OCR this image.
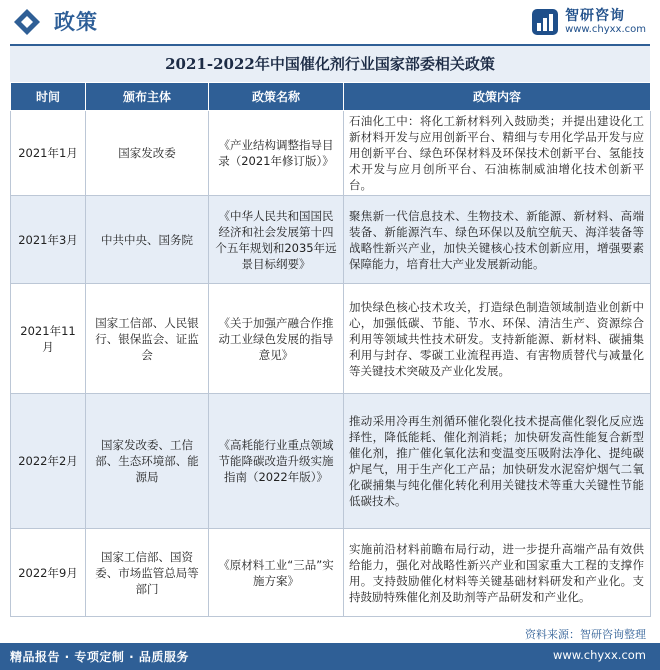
政策	智研咨询
www.chyxx.com
2021-2022年中国催化剂行业国家部委相关政策
时间	颁布主体	政策名称	政策内容
2021年1月	国家发改委	《产业结构调整指导目录（2021年修订版）》	石油化工中：将化工新材料列入鼓励类；并提出建设化工新材料开发与应用创新平台、精细与专用化学品开发与应用创新平台、绿色环保材料及环保技术创新平台、氢能技术开发与应月创所平台、石油栋制威油增化技术创新平台。
2021年3月	中共中央、国务院	《中华人民共和国国民经济和社会发展第十四个五年规划和2035年远景目标纲要》	聚焦新一代信息技术、生物技术、新能源、新材料、高端装备、新能源汽车、绿色环保以及航空航天、海洋装备等战略性新兴产业，加快关键核心技术创新应用，增强要素保障能力，培育壮大产业发展新动能。
2021年11月	国家工信部、人民银行、银保监会、证监会	《关于加强产融合作推动工业绿色发展的指导意见》	加快绿色核心技术攻关，打造绿色制造领域制造业创新中心，加强低碳、节能、节水、环保、清洁生产、资源综合利用等领域共性技术研发。支持新能源、新材料、碳捕集利用与封存、零碳工业流程再造、有害物质替代与减量化等关键技术突破及产业化发展。
2022年2月	国家发改委、工信部、生态环境部、能源局	《高耗能行业重点领域节能降碳改造升级实施指南（2022年版）》	推动采用冷再生剂循环催化裂化技术提高催化裂化反应选择性，降低能耗、催化剂消耗；加快研发高性能复合新型催化剂，推广催化氧化法和变温变压吸附法净化、提纯碳炉尾气，用于生产化工产品；加快研发水泥窑炉烟气二氧化碳捕集与纯化催化转化利用关键技术等重大关键性节能低碳技术。
2022年9月	国家工信部、国资委、市场监管总局等部门	《原材料工业“三品”实施方案》	实施前沿材料前瞻布局行动，进一步提升高端产品有效供给能力，强化对战略性新兴产业和国家重大工程的支撑作用。支持鼓励催化材料等关键基础材料研发和产业化。支持鼓励特殊催化剂及助剂等产品研发和产业化。
资料来源：智研咨询整理
精品报告 · 专项定制 · 品质服务	www.chyxx.com
